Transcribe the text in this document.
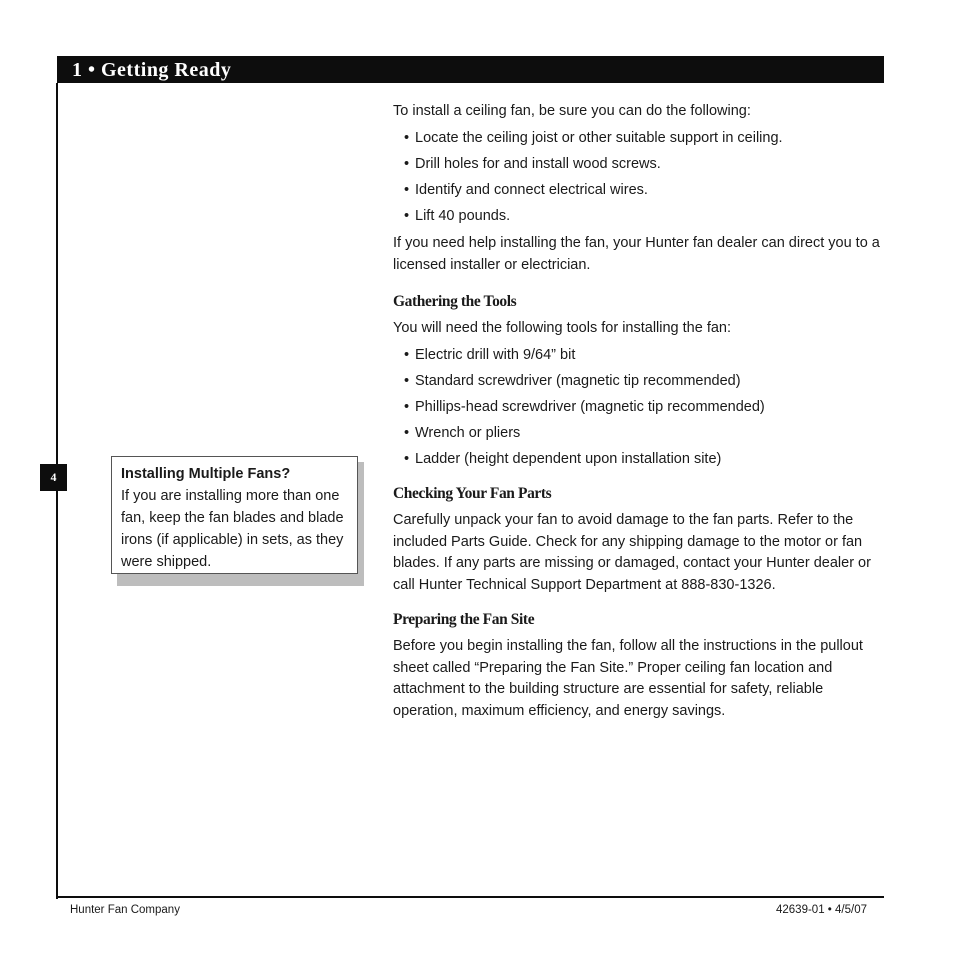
1 • Getting Ready
4	Installing Multiple Fans?
If you are installing more than one fan, keep the fan blades and blade irons (if applicable) in sets, as they were shipped.

To install a ceiling fan, be sure you can do the following:

• Locate the ceiling joist or other suitable support in ceiling.
• Drill holes for and install wood screws.
• Identify and connect electrical wires.
• Lift 40 pounds.

If you need help installing the fan, your Hunter fan dealer can direct you to a licensed installer or electrician.

Gathering the Tools

You will need the following tools for installing the fan:

• Electric drill with 9/64” bit
• Standard screwdriver (magnetic tip recommended)
• Phillips-head screwdriver (magnetic tip recommended)
• Wrench or pliers
• Ladder (height dependent upon installation site)

Checking Your Fan Parts

Carefully unpack your fan to avoid damage to the fan parts. Refer to the included Parts Guide. Check for any shipping damage to the motor or fan blades. If any parts are missing or damaged, contact your Hunter dealer or call Hunter Technical Support Department at 888-830-1326.

Preparing the Fan Site

Before you begin installing the fan, follow all the instructions in the pullout sheet called “Preparing the Fan Site.” Proper ceiling fan location and attachment to the building structure are essential for safety, reliable operation, maximum efficiency, and energy savings.

Hunter Fan Company	42639-01 • 4/5/07
